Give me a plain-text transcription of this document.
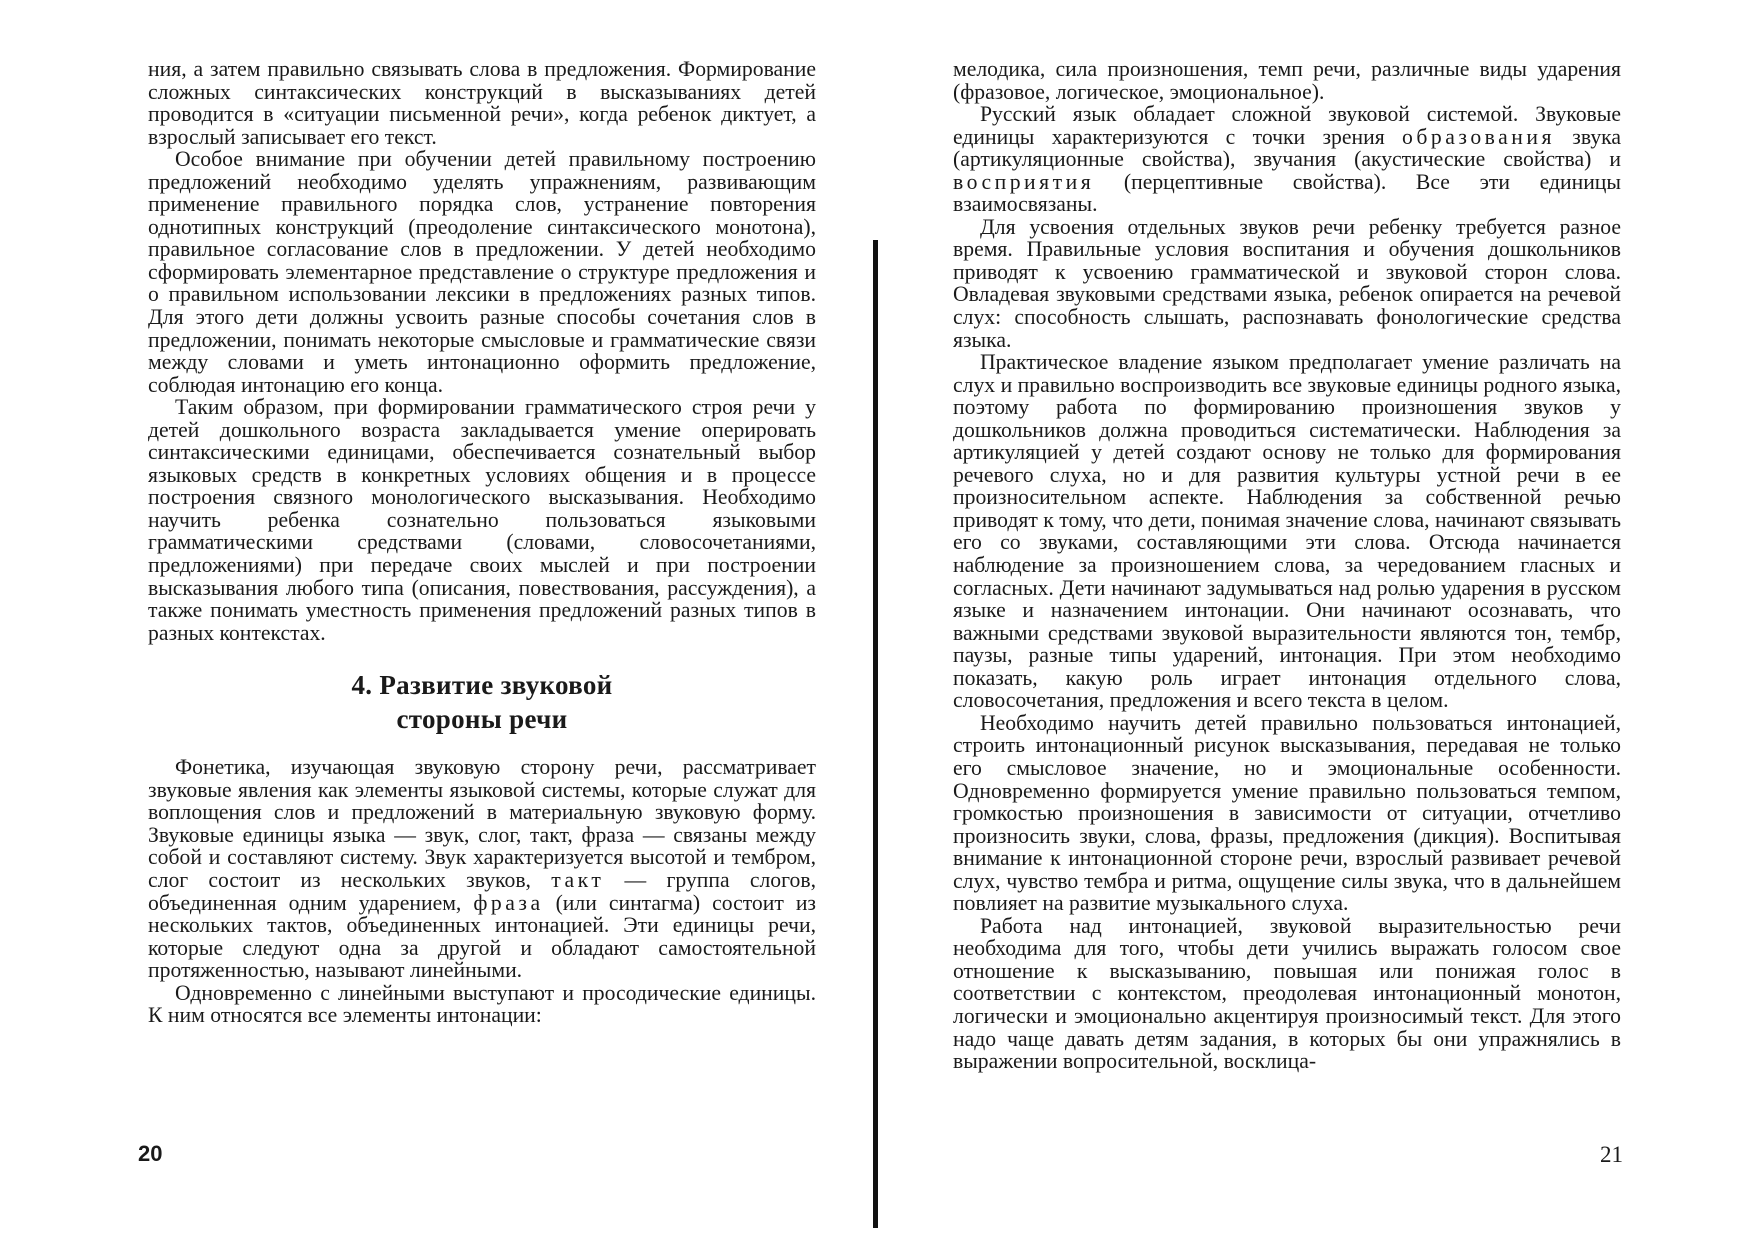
ния, а затем правильно связывать слова в предложения. Формирование сложных синтаксических конструкций в высказываниях детей проводится в «ситуации письменной речи», когда ребенок диктует, а взрослый записывает его текст.

Особое внимание при обучении детей правильному построению предложений необходимо уделять упражнениям, развивающим применение правильного порядка слов, устранение повторения однотипных конструкций (преодоление синтаксического монотона), правильное согласование слов в предложении. У детей необходимо сформировать элементарное представление о структуре предложения и о правильном использовании лексики в предложениях разных типов. Для этого дети должны усвоить разные способы сочетания слов в предложении, понимать некоторые смысловые и грамматические связи между словами и уметь интонационно оформить предложение, соблюдая интонацию его конца.

Таким образом, при формировании грамматического строя речи у детей дошкольного возраста закладывается умение оперировать синтаксическими единицами, обеспечивается сознательный выбор языковых средств в конкретных условиях общения и в процессе построения связного монологического высказывания. Необходимо научить ребенка сознательно пользоваться языковыми грамматическими средствами (словами, словосочетаниями, предложениями) при передаче своих мыслей и при построении высказывания любого типа (описания, повествования, рассуждения), а также понимать уместность применения предложений разных типов в разных контекстах.

4. Развитие звуковой
стороны речи

Фонетика, изучающая звуковую сторону речи, рассматривает звуковые явления как элементы языковой системы, которые служат для воплощения слов и предложений в материальную звуковую форму. Звуковые единицы языка — звук, слог, такт, фраза — связаны между собой и составляют систему. Звук характеризуется высотой и тембром, слог состоит из нескольких звуков, такт — группа слогов, объединенная одним ударением, фраза (или синтагма) состоит из нескольких тактов, объединенных интонацией. Эти единицы речи, которые следуют одна за другой и обладают самостоятельной протяженностью, называют линейными.

Одновременно с линейными выступают и просодические единицы. К ним относятся все элементы интонации:

мелодика, сила произношения, темп речи, различные виды ударения (фразовое, логическое, эмоциональное).

Русский язык обладает сложной звуковой системой. Звуковые единицы характеризуются с точки зрения образования звука (артикуляционные свойства), звучания (акустические свойства) и восприятия (перцептивные свойства). Все эти единицы взаимосвязаны.

Для усвоения отдельных звуков речи ребенку требуется разное время. Правильные условия воспитания и обучения дошкольников приводят к усвоению грамматической и звуковой сторон слова. Овладевая звуковыми средствами языка, ребенок опирается на речевой слух: способность слышать, распознавать фонологические средства языка.

Практическое владение языком предполагает умение различать на слух и правильно воспроизводить все звуковые единицы родного языка, поэтому работа по формированию произношения звуков у дошкольников должна проводиться систематически. Наблюдения за артикуляцией у детей создают основу не только для формирования речевого слуха, но и для развития культуры устной речи в ее произносительном аспекте. Наблюдения за собственной речью приводят к тому, что дети, понимая значение слова, начинают связывать его со звуками, составляющими эти слова. Отсюда начинается наблюдение за произношением слова, за чередованием гласных и согласных. Дети начинают задумываться над ролью ударения в русском языке и назначением интонации. Они начинают осознавать, что важными средствами звуковой выразительности являются тон, тембр, паузы, разные типы ударений, интонация. При этом необходимо показать, какую роль играет интонация отдельного слова, словосочетания, предложения и всего текста в целом.

Необходимо научить детей правильно пользоваться интонацией, строить интонационный рисунок высказывания, передавая не только его смысловое значение, но и эмоциональные особенности. Одновременно формируется умение правильно пользоваться темпом, громкостью произношения в зависимости от ситуации, отчетливо произносить звуки, слова, фразы, предложения (дикция). Воспитывая внимание к интонационной стороне речи, взрослый развивает речевой слух, чувство тембра и ритма, ощущение силы звука, что в дальнейшем повлияет на развитие музыкального слуха.

Работа над интонацией, звуковой выразительностью речи необходима для того, чтобы дети учились выражать голосом свое отношение к высказыванию, повышая или понижая голос в соответствии с контекстом, преодолевая интонационный монотон, логически и эмоционально акцентируя произносимый текст. Для этого надо чаще давать детям задания, в которых бы они упражнялись в выражении вопросительной, восклица-

20	21
